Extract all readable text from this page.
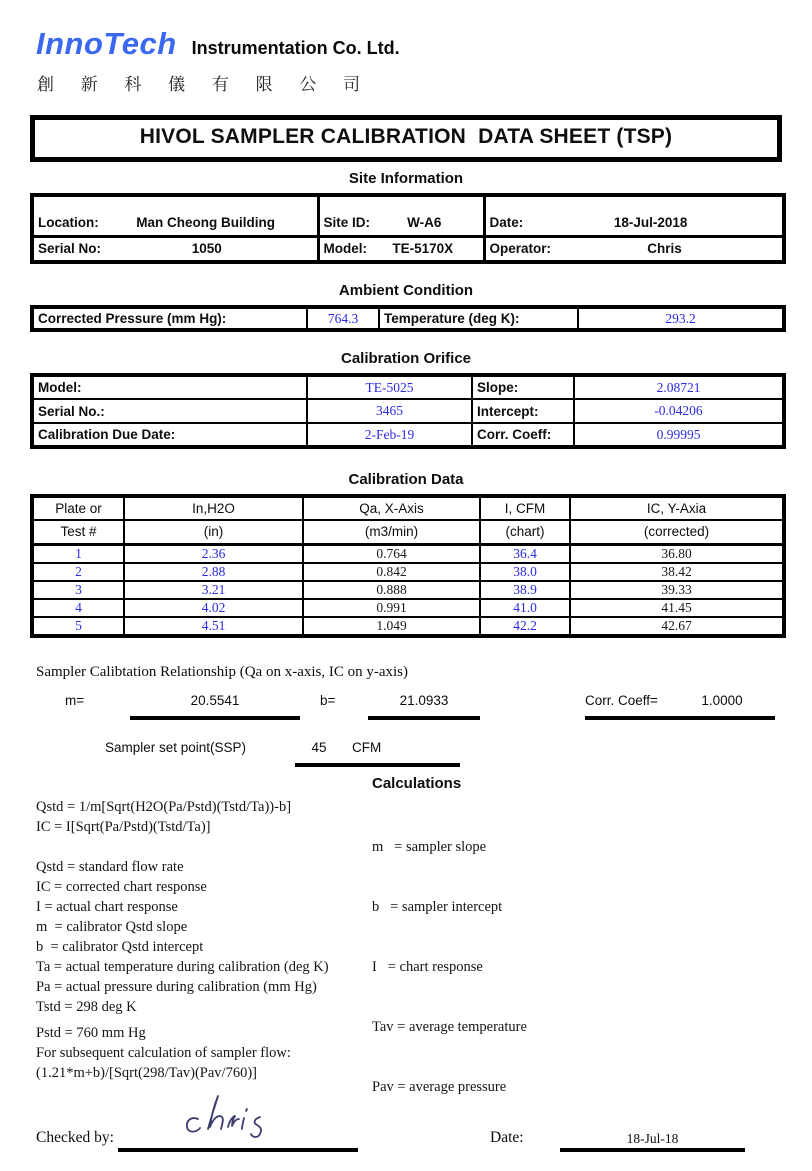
InnoTech Instrumentation Co. Ltd.
創 新 科 儀 有 限 公 司
HIVOL SAMPLER CALIBRATION  DATA SHEET (TSP)
Site Information
Location: Man Cheong Building	Site ID: W-A6	Date: 18-Jul-2018

Serial No: 1050	Model: TE-5170X	Operator: Chris
Ambient Condition
Corrected Pressure (mm Hg):	764.3	Temperature (deg K):	293.2
Calibration Orifice
Model:	TE-5025	Slope:	2.08721
Serial No.:	3465	Intercept:	-0.04206
Calibration Due Date:	2-Feb-19	Corr. Coeff:	0.99995
Calibration Data
Plate or	In,H2O	Qa, X-Axis	I, CFM	IC, Y-Axia
Test #	(in)	(m3/min)	(chart)	(corrected)
1	2.36	0.764	36.4	36.80
2	2.88	0.842	38.0	38.42
3	3.21	0.888	38.9	39.33
4	4.02	0.991	41.0	41.45
5	4.51	1.049	42.2	42.67
Sampler Calibtation Relationship (Qa on x-axis, IC on y-axis)
m=	20.5541	b=	21.0933	Corr. Coeff=	1.0000
Sampler set point(SSP)	45	CFM
Calculations
Qstd = 1/m[Sqrt(H2O(Pa/Pstd)(Tstd/Ta))-b]
IC = I[Sqrt(Pa/Pstd)(Tstd/Ta)]
Qstd = standard flow rate
IC = corrected chart response
I = actual chart response
m  = calibrator Qstd slope
b  = calibrator Qstd intercept
Ta = actual temperature during calibration (deg K)
Pa = actual pressure during calibration (mm Hg)
Tstd = 298 deg K
Pstd = 760 mm Hg
For subsequent calculation of sampler flow:
(1.21*m+b)/[Sqrt(298/Tav)(Pav/760)]

m   = sampler slope

b   = sampler intercept

I   = chart response

Tav = average temperature

Pav = average pressure

Checked by:	Date:	18-Jul-18
